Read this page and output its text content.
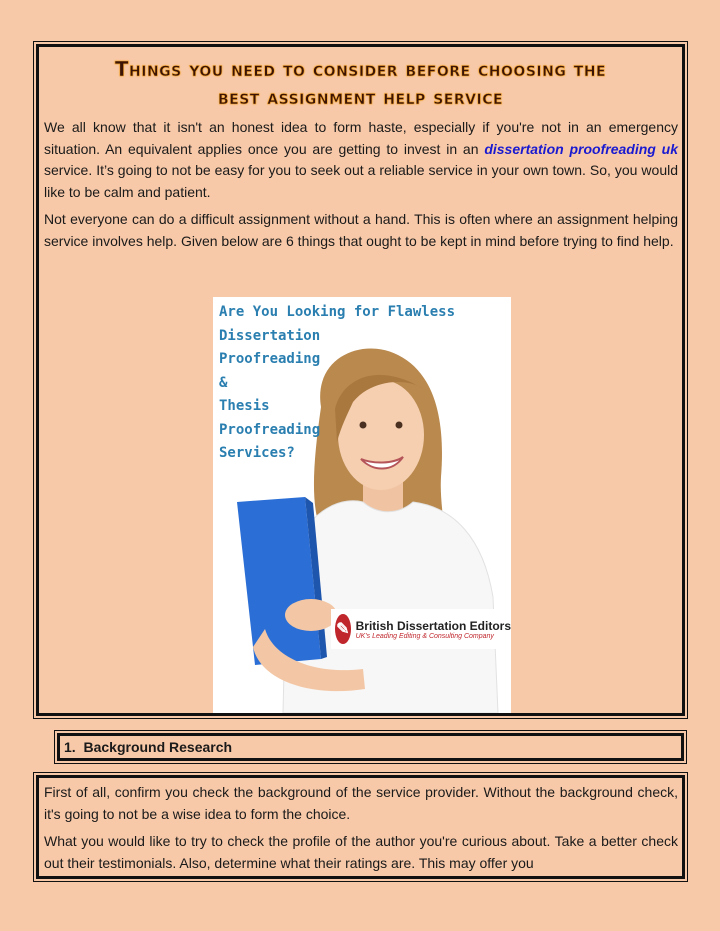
Things you need to consider before choosing the
best assignment help service

We all know that it isn't an honest idea to form haste, especially if you're not in an emergency situation. An equivalent applies once you are getting to invest in an dissertation proofreading uk service. It’s going to not be easy for you to seek out a reliable service in your own town. So, you would like to be calm and patient.

Not everyone can do a difficult assignment without a hand. This is often where an assignment helping service involves help. Given below are 6 things that ought to be kept in mind before trying to find help.

Are You Looking for Flawless
Dissertation
Proofreading
&
Thesis
Proofreading
Services?
✎ British Dissertation Editors
UK's Leading Editing & Consulting Company
1. Background Research

First of all, confirm you check the background of the service provider. Without the background check, it's going to not be a wise idea to form the choice.

What you would like to try to check the profile of the author you're curious about. Take a better check out their testimonials. Also, determine what their ratings are. This may offer you
